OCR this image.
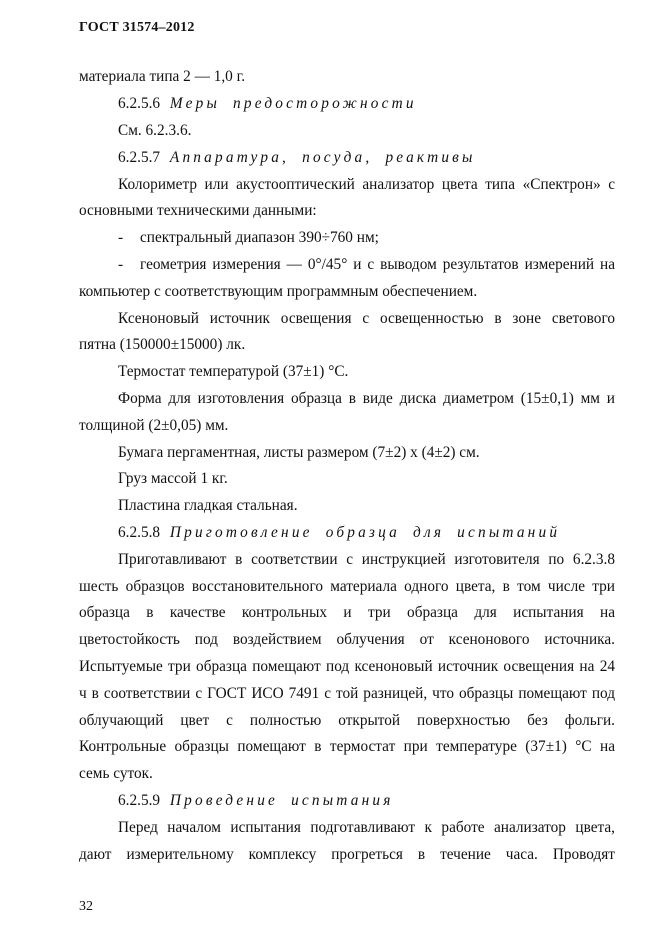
ГОСТ 31574–2012
материала типа 2 — 1,0 г.
6.2.5.6 Меры предосторожности
См. 6.2.3.6.
6.2.5.7 Аппаратура, посуда, реактивы
Колориметр или акустооптический анализатор цвета типа «Спектрон» с
основными техническими данными:
- спектральный диапазон 390÷760 нм;
- геометрия измерения — 0°/45° и с выводом результатов измерений на
компьютер с соответствующим программным обеспечением.
Ксеноновый источник освещения с освещенностью в зоне светового
пятна (150000±15000) лк.
Термостат температурой (37±1) °С.
Форма для изготовления образца в виде диска диаметром (15±0,1) мм и
толщиной (2±0,05) мм.
Бумага пергаментная, листы размером (7±2) х (4±2) см.
Груз массой 1 кг.
Пластина гладкая стальная.
6.2.5.8 Приготовление образца для испытаний
Приготавливают в соответствии с инструкцией изготовителя по 6.2.3.8
шесть образцов восстановительного материала одного цвета, в том числе три
образца в качестве контрольных и три образца для испытания на
цветостойкость под воздействием облучения от ксенонового источника.
Испытуемые три образца помещают под ксеноновый источник освещения на 24
ч в соответствии с ГОСТ ИСО 7491 с той разницей, что образцы помещают под
облучающий цвет с полностью открытой поверхностью без фольги.
Контрольные образцы помещают в термостат при температуре (37±1) °С на
семь суток.
6.2.5.9 Проведение испытания
Перед началом испытания подготавливают к работе анализатор цвета,
дают измерительному комплексу прогреться в течение часа. Проводят
32
